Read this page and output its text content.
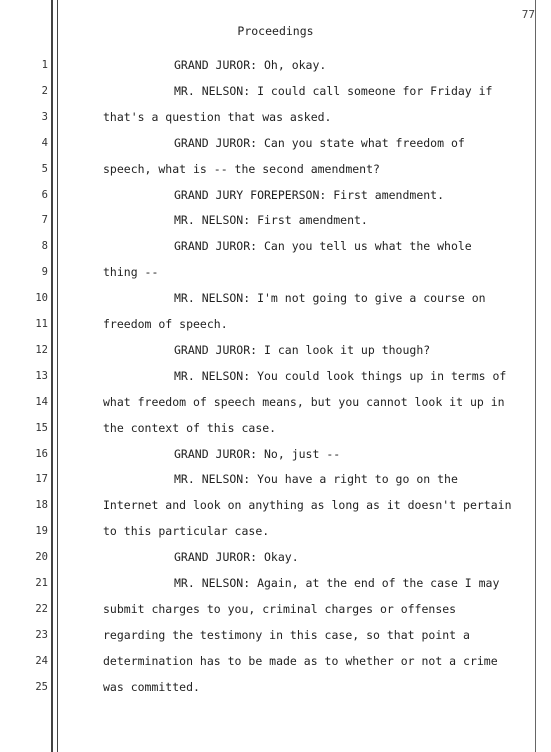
77
Proceedings
1	GRAND JUROR: Oh, okay.
2	MR. NELSON: I could call someone for Friday if
3	that's a question that was asked.
4	GRAND JUROR: Can you state what freedom of
5	speech, what is -- the second amendment?
6	GRAND JURY FOREPERSON: First amendment.
7	MR. NELSON: First amendment.
8	GRAND JUROR: Can you tell us what the whole
9	thing --
10	MR. NELSON: I'm not going to give a course on
11	freedom of speech.
12	GRAND JUROR: I can look it up though?
13	MR. NELSON: You could look things up in terms of
14	what freedom of speech means, but you cannot look it up in
15	the context of this case.
16	GRAND JUROR: No, just --
17	MR. NELSON: You have a right to go on the
18	Internet and look on anything as long as it doesn't pertain
19	to this particular case.
20	GRAND JUROR: Okay.
21	MR. NELSON: Again, at the end of the case I may
22	submit charges to you, criminal charges or offenses
23	regarding the testimony in this case, so that point a
24	determination has to be made as to whether or not a crime
25	was committed.
